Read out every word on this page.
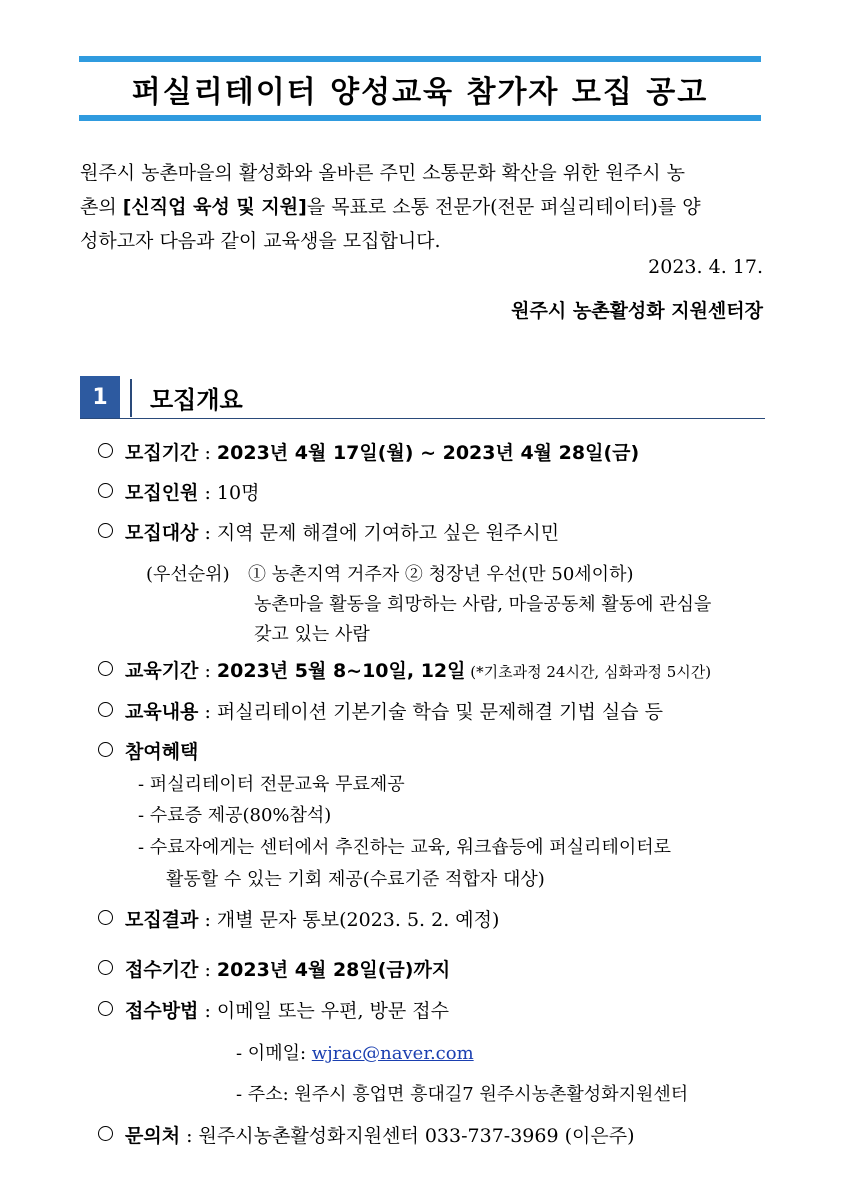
퍼실리테이터 양성교육 참가자 모집 공고
원주시 농촌마을의 활성화와 올바른 주민 소통문화 확산을 위한 원주시 농
촌의 [신직업 육성 및 지원]을 목표로 소통 전문가(전문 퍼실리테이터)를 양
성하고자 다음과 같이 교육생을 모집합니다.
2023. 4. 17.
원주시 농촌활성화 지원센터장
1	모집개요
모집기간 : 2023년 4월 17일(월) ~ 2023년 4월 28일(금)
모집인원 : 10명
모집대상 : 지역 문제 해결에 기여하고 싶은 원주시민
(우선순위) ① 농촌지역 거주자 ② 청장년 우선(만 50세이하)
농촌마을 활동을 희망하는 사람, 마을공동체 활동에 관심을
갖고 있는 사람
교육기간 : 2023년 5월 8~10일, 12일 (*기초과정 24시간, 심화과정 5시간)
교육내용 : 퍼실리테이션 기본기술 학습 및 문제해결 기법 실습 등
참여혜택
- 퍼실리테이터 전문교육 무료제공
- 수료증 제공(80%참석)
- 수료자에게는 센터에서 추진하는 교육, 워크숍등에 퍼실리테이터로
활동할 수 있는 기회 제공(수료기준 적합자 대상)
모집결과 : 개별 문자 통보(2023. 5. 2. 예정)
접수기간 : 2023년 4월 28일(금)까지
접수방법 : 이메일 또는 우편, 방문 접수
- 이메일: wjrac@naver.com
- 주소: 원주시 흥업면 흥대길7 원주시농촌활성화지원센터
문의처 : 원주시농촌활성화지원센터 033-737-3969 (이은주)
